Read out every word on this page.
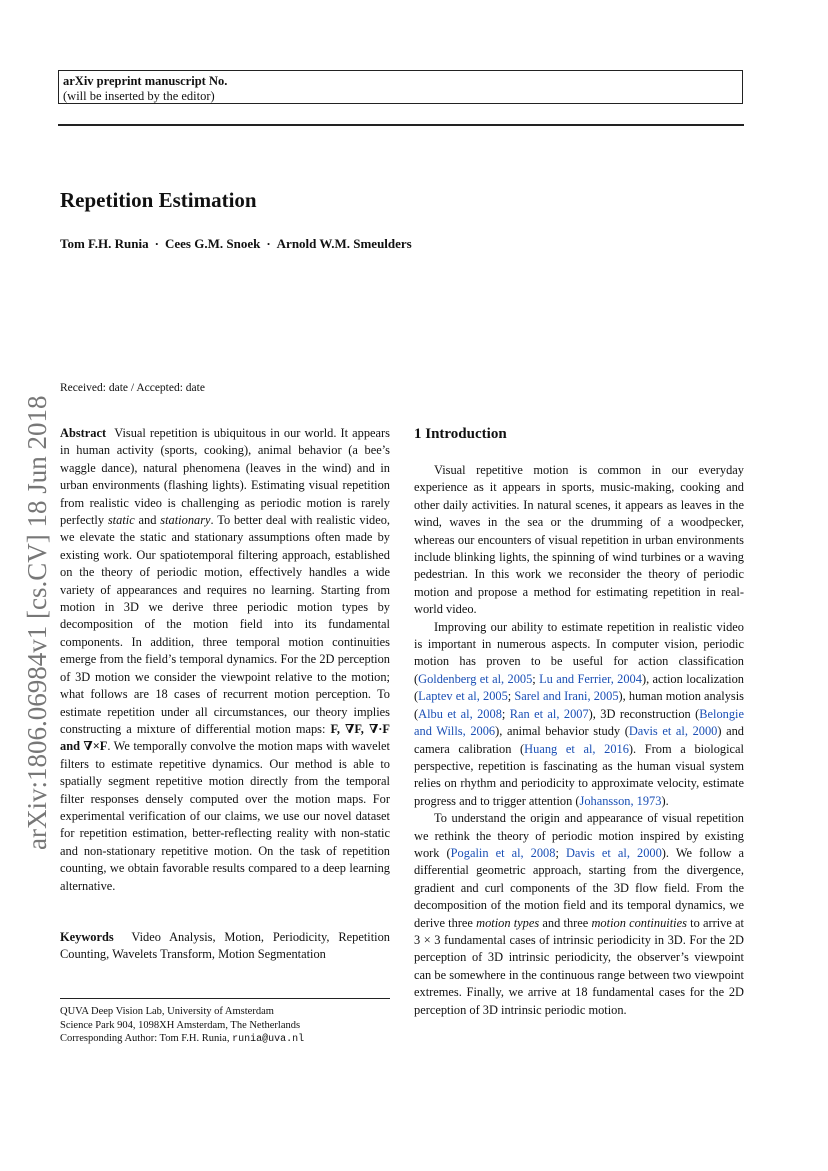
arXiv preprint manuscript No.
(will be inserted by the editor)
Repetition Estimation
Tom F.H. Runia · Cees G.M. Snoek · Arnold W.M. Smeulders
Received: date / Accepted: date
arXiv:1806.06984v1 [cs.CV] 18 Jun 2018 Abstract Visual repetition is ubiquitous in our world. It appears in human activity (sports, cooking), animal behavior (a bee’s waggle dance), natural phenomena (leaves in the wind) and in urban environments (flashing lights). Estimating visual repetition from realistic video is challenging as periodic motion is rarely perfectly static and stationary. To better deal with realistic video, we elevate the static and stationary assumptions often made by existing work. Our spatiotemporal filtering approach, established on the theory of periodic motion, effectively handles a wide variety of appearances and requires no learning. Starting from motion in 3D we derive three periodic motion types by decomposition of the motion field into its fundamental components. In addition, three temporal motion continuities emerge from the field’s temporal dynamics. For the 2D perception of 3D motion we consider the viewpoint relative to the motion; what follows are 18 cases of recurrent motion perception. To estimate repetition under all circumstances, our theory implies constructing a mixture of differential motion maps: F, ∇F, ∇·F and ∇×F. We temporally convolve the motion maps with wavelet filters to estimate repetitive dynamics. Our method is able to spatially segment repetitive motion directly from the temporal filter responses densely computed over the motion maps. For experimental verification of our claims, we use our novel dataset for repetition estimation, better-reflecting reality with non-static and non-stationary repetitive motion. On the task of repetition counting, we obtain favorable results compared to a deep learning alternative.

Keywords Video Analysis, Motion, Periodicity, Repetition Counting, Wavelets Transform, Motion Segmentation

QUVA Deep Vision Lab, University of Amsterdam
Science Park 904, 1098XH Amsterdam, The Netherlands
Corresponding Author: Tom F.H. Runia, runia@uva.nl
1 Introduction

Visual repetitive motion is common in our everyday experience as it appears in sports, music-making, cooking and other daily activities. In natural scenes, it appears as leaves in the wind, waves in the sea or the drumming of a woodpecker, whereas our encounters of visual repetition in urban environments include blinking lights, the spinning of wind turbines or a waving pedestrian. In this work we reconsider the theory of periodic motion and propose a method for estimating repetition in real-world video.

Improving our ability to estimate repetition in realistic video is important in numerous aspects. In computer vision, periodic motion has proven to be useful for action classification (Goldenberg et al, 2005; Lu and Ferrier, 2004), action localization (Laptev et al, 2005; Sarel and Irani, 2005), human motion analysis (Albu et al, 2008; Ran et al, 2007), 3D reconstruction (Belongie and Wills, 2006), animal behavior study (Davis et al, 2000) and camera calibration (Huang et al, 2016). From a biological perspective, repetition is fascinating as the human visual system relies on rhythm and periodicity to approximate velocity, estimate progress and to trigger attention (Johansson, 1973).

To understand the origin and appearance of visual repetition we rethink the theory of periodic motion inspired by existing work (Pogalin et al, 2008; Davis et al, 2000). We follow a differential geometric approach, starting from the divergence, gradient and curl components of the 3D flow field. From the decomposition of the motion field and its temporal dynamics, we derive three motion types and three motion continuities to arrive at 3 × 3 fundamental cases of intrinsic periodicity in 3D. For the 2D perception of 3D intrinsic periodicity, the observer’s viewpoint can be somewhere in the continuous range between two viewpoint extremes. Finally, we arrive at 18 fundamental cases for the 2D perception of 3D intrinsic periodic motion.
